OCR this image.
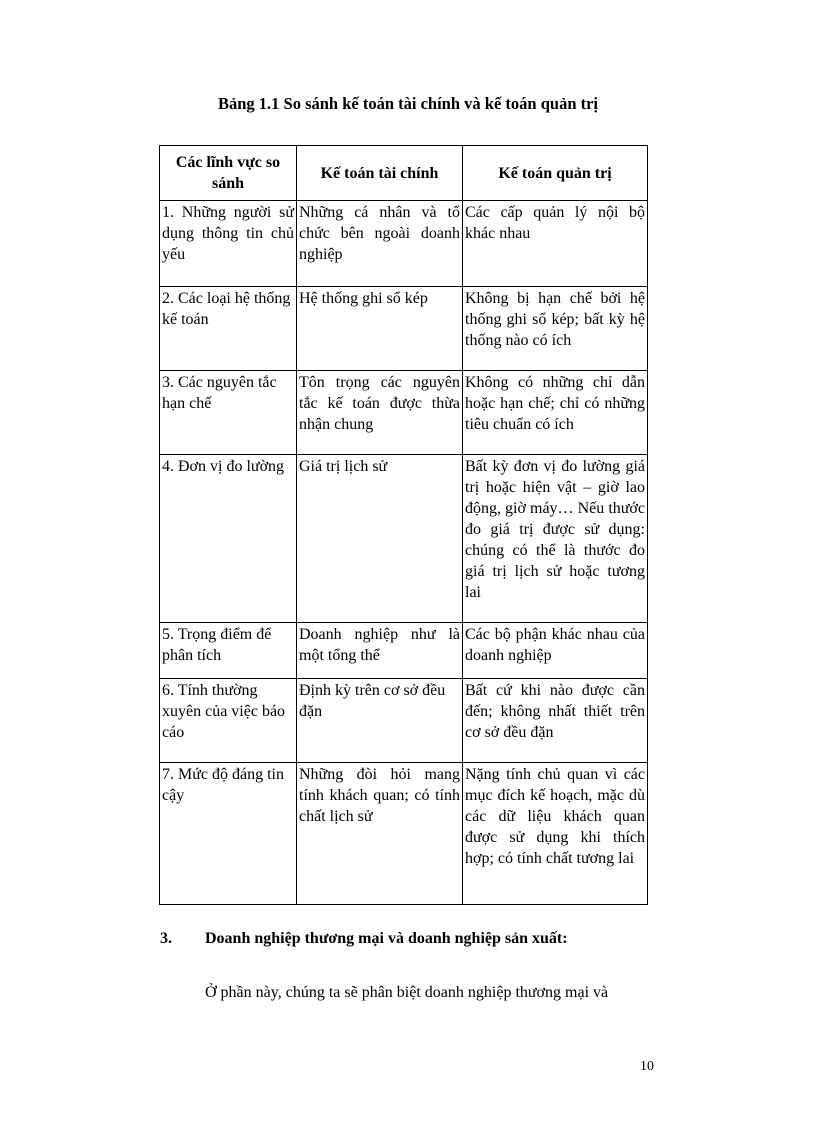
Bảng 1.1 So sánh kế toán tài chính và kế toán quản trị

Các lĩnh vực so sánh	Kế toán tài chính	Kế toán quản trị
1. Những người sử dụng thông tin chủ yếu	Những cá nhân và tổ chức bên ngoài doanh nghiệp	Các cấp quản lý nội bộ khác nhau
2. Các loại hệ thống kế toán	Hệ thống ghi sổ kép	Không bị hạn chế bởi hệ thống ghi sổ kép; bất kỳ hệ thống nào có ích
3. Các nguyên tắc hạn chế	Tôn trọng các nguyên tắc kế toán được thừa nhận chung	Không có những chỉ dẫn hoặc hạn chế; chỉ có những tiêu chuẩn có ích
4. Đơn vị đo lường	Giá trị lịch sử	Bất kỳ đơn vị đo lường giá trị hoặc hiện vật – giờ lao động, giờ máy… Nếu thước đo giá trị được sử dụng: chúng có thể là thước đo giá trị lịch sử hoặc tương lai
5. Trọng điểm để phân tích	Doanh nghiệp như là một tổng thể	Các bộ phận khác nhau của doanh nghiệp
6. Tính thường xuyên của việc báo cáo	Định kỳ trên cơ sở đều đặn	Bất cứ khi nào được cần đến; không nhất thiết trên cơ sở đều đặn
7. Mức độ đáng tin cậy	Những đòi hỏi mang tính khách quan; có tính chất lịch sử	Nặng tính chủ quan vì các mục đích kế hoạch, mặc dù các dữ liệu khách quan được sử dụng khi thích hợp; có tính chất tương lai

3. Doanh nghiệp thương mại và doanh nghiệp sản xuất:

Ở phần này, chúng ta sẽ phân biệt doanh nghiệp thương mại và

10
